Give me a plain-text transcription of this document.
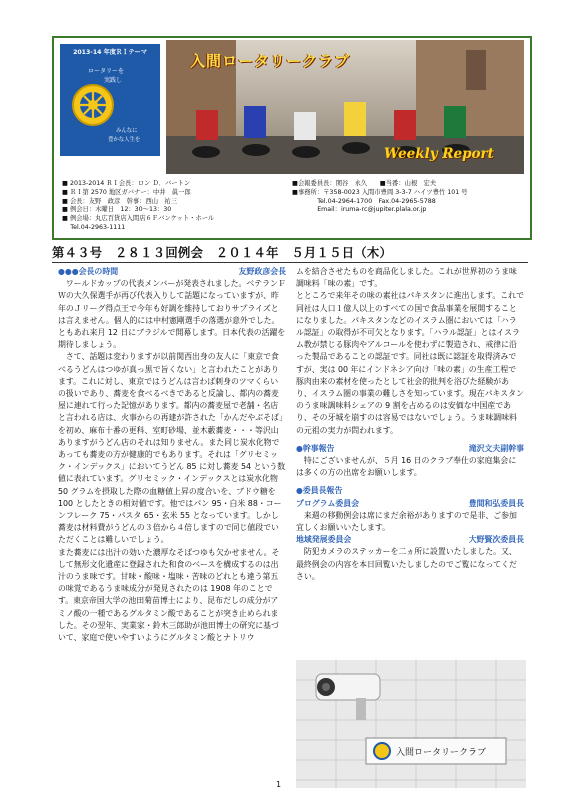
2013-14 年度ＲＩテーマ
ロータリーを
実践し
みんなに
豊かな人生を
入間ロータリークラブ
Weekly Report
■ 2013-2014 ＲＩ会長：ロン Ｄ．バートン
■ ＲＩ第 2570 地区ガバナー：中井　眞一郎
■ 会長：友野　政彦　幹事：西山　祐三
■ 例会日：木曜日　12：30～13：30
■ 例会場：丸広百貨店入間店６Ｆバンケット・ホール
　 Tel.04-2963-1111
■会報委員長：関谷　永久　　■当番：山根　宏夫
■事務所：〒358-0023 入間市豊岡 3-3-7 ハイツ豊竹 101 号
　　　　Tel.04-2964-1700　Fax.04-2965-5788
　　　　Email：iruma-rc@jupiter.plala.or.jp
第４３号　２８１３回例会　２０１４年　５月１５日（木）
●●●会長の時間	友野政彦会長

ワールドカップの代表メンバーが発表されました。ベテランＦＷの大久保選手が再び代表入りして話題になっていますが、昨年のＪリーグ得点王で今年も好調を維持しておりサプライズとは言えません。個人的には中村憲剛選手の落選が意外でした。ともあれ来月 12 日にブラジルで開幕します。日本代表の活躍を期待しましょう。

さて、話題は変わりますが以前関西出身の友人に「東京で食べるうどんはつゆが真っ黒で旨くない」と言われたことがあります。これに対し、東京ではうどんは言わば刺身のツマくらいの扱いであり、蕎麦を食べるべきであると反論し、都内の蕎麦屋に連れて行った記憶があります。都内の蕎麦屋で老舗・名店と言われる店は、火事からの再建が許された「かんだやぶそば」を初め、麻布十番の更科、室町砂場、並木藪蕎麦・・・等沢山ありますがうどん店のそれは知りません。また同じ炭水化物であっても蕎麦の方が健康的でもあります。それは「グリセミック・インデックス」においてうどん 85 に対し蕎麦 54 という数値に表れています。グリセミック・インデックスとは炭水化物 50 グラムを摂取した際の血糖値上昇の度合いを、ブドウ糖を 100 としたときの相対値です。他ではパン 95・白米 88・コーンフレーク 75・パスタ 65・玄米 55 となっています。しかし蕎麦は材料費がうどんの３倍から４倍しますので同じ値段でいただくことは難しいでしょう。

また蕎麦には出汁の効いた濃厚なそばつゆも欠かせません。そして無形文化遺産に登録された和食のベースを構成するのは出汁のうま味です。甘味・酸味・塩味・苦味のどれとも違う第五の味覚であるうま味成分が発見されたのは 1908 年のことです。東京帝国大学の池田菊苗博士により、昆布だしの成分がアミノ酸の一種であるグルタミン酸であることが突き止められました。その翌年、実業家・鈴木三郎助が池田博士の研究に基づいて、家庭で使いやすいようにグルタミン酸とナトリウ

ムを結合させたものを商品化しました。これが世界初のうま味調味料「味の素」です。

とところで来年その味の素社はパキスタンに進出します。これで同社は人口１億人以上のすべての国で食品事業を展開することになりました。パキスタンなどのイスラム圏においては「ハラル認証」の取得が不可欠となります。「ハラル認証」とはイスラム教が禁じる豚肉やアルコールを使わずに製造され、戒律に沿った製品であることの認証です。同社は既に認証を取得済みですが、実は 00 年にインドネシア向け「味の素」の生産工程で豚肉由来の素材を使ったとして社会的批判を浴びた経験があり、イスラム圏の事業の難しさを知っています。現在パキスタンのうま味調味料シェアの 9 割を占めるのは安価な中国産であり、その牙城を崩すのは容易ではないでしょう。うま味調味料の元祖の実力が問われます。

●幹事報告	滝沢文夫副幹事

特にございませんが、５月 16 日のクラブ奉仕の家庭集会には多くの方の出席をお願いします。

●委員長報告
プログラム委員会	豊間和弘委員長

来週の移動例会は席にまだ余裕がありますので是非、ご参加宜しくお願いいたします。

地域発展委員会	大野賢次委員長

防犯カメラのステッカーを二ヵ所に設置いたしました。又、最終例会の内容を本日回覧いたしましたのでご覧になってください。

入間ロータリークラブ
1
